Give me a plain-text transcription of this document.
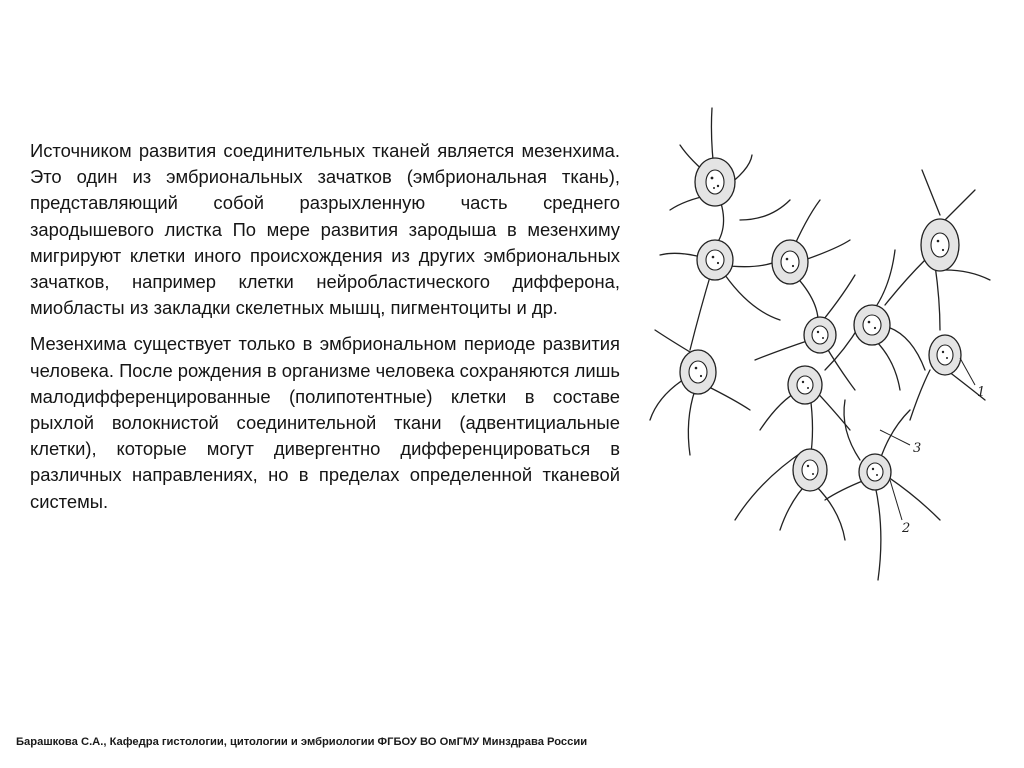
Источником развития соединительных тканей является мезенхима. Это один из эмбриональных зачатков (эмбриональная ткань), представляющий собой разрыхленную часть среднего зародышевого листка По мере развития зародыша в мезенхиму мигрируют клетки иного происхождения из других эмбриональных зачатков, например клетки нейробластического дифферона, миобласты из закладки скелетных мышц, пигментоциты и др.

Мезенхима существует только в эмбриональном периоде развития человека. После рождения в организме человека сохраняются лишь малодифференцированные (полипотентные) клетки в составе рыхлой волокнистой соединительной ткани (адвентициальные клетки), которые могут дивергентно дифференцироваться в различных направлениях, но в пределах определенной тканевой системы.

1
2
3
Барашкова С.А., Кафедра гистологии, цитологии и эмбриологии ФГБОУ ВО ОмГМУ Минздрава России
